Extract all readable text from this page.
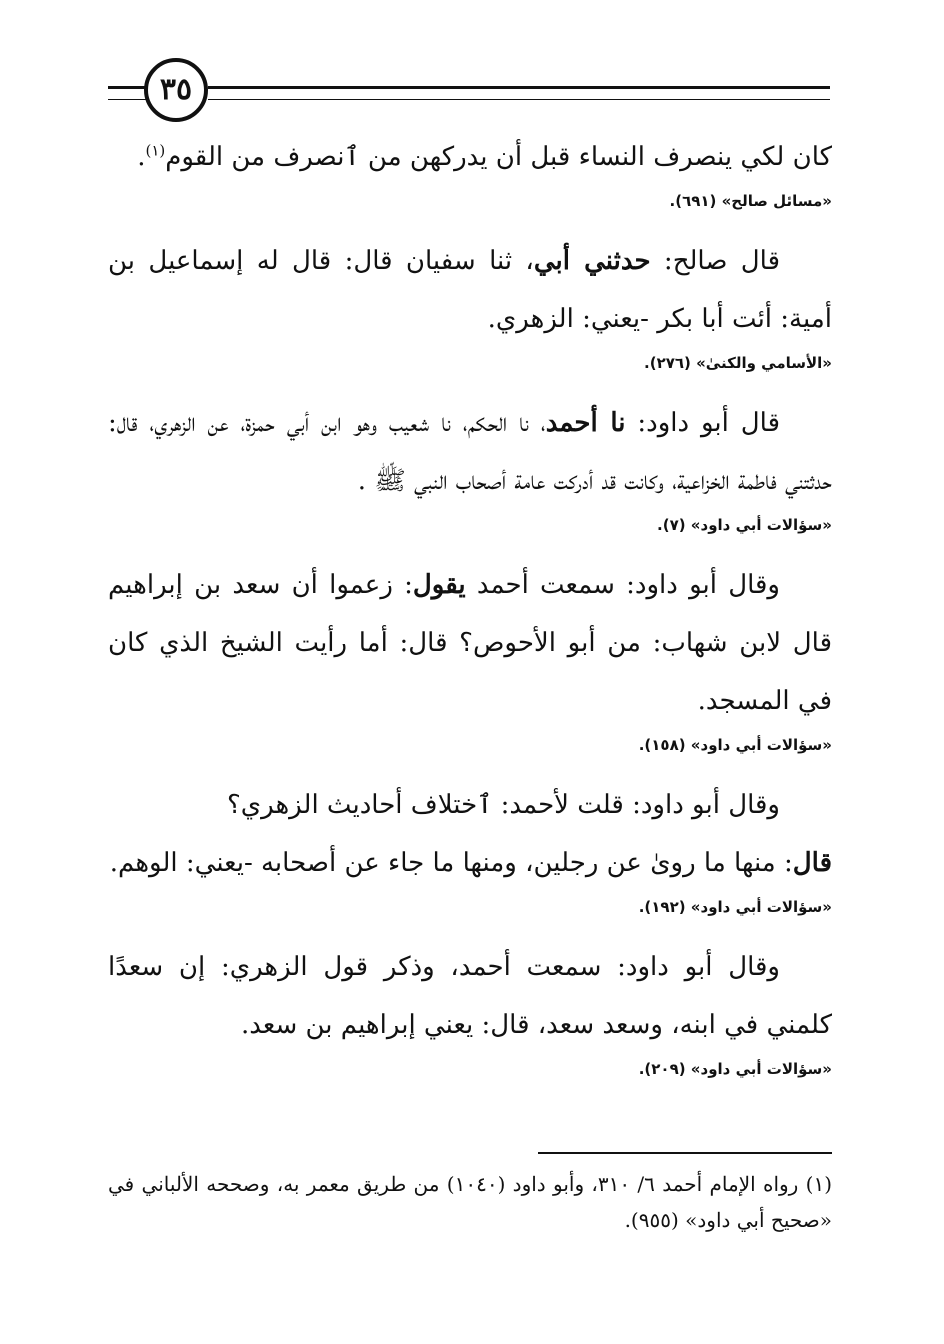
٣٥

كان لكي ينصرف النساء قبل أن يدركهن من ٱنصرف من القوم$^{(١)}$.

«مسائل صالح» (٦٩١).

قال صالح: حدثني أبي، ثنا سفيان قال: قال له إسماعيل بن أمية: أئت أبا بكر -يعني: الزهري.

«الأسامي والكنىٰ» (٢٧٦).

قال أبو داود: نا أحمد، نا الحكم، نا شعيب وهو ابن أبي حمزة، عن الزهري، قال: حدثتني فاطمة الخزاعية، وكانت قد أدركت عامة أصحاب النبي ﷺ .

«سؤالات أبي داود» (٧).

وقال أبو داود: سمعت أحمد يقول: زعموا أن سعد بن إبراهيم قال لابن شهاب: من أبو الأحوص؟ قال: أما رأيت الشيخ الذي كان في المسجد.

«سؤالات أبي داود» (١٥٨).

وقال أبو داود: قلت لأحمد: ٱختلاف أحاديث الزهري؟

قال: منها ما روىٰ عن رجلين، ومنها ما جاء عن أصحابه -يعني: الوهم.

«سؤالات أبي داود» (١٩٢).

وقال أبو داود: سمعت أحمد، وذكر قول الزهري: إن سعدًا كلمني في ابنه، وسعد سعد، قال: يعني إبراهيم بن سعد.

«سؤالات أبي داود» (٢٠٩).

(١) رواه الإمام أحمد ٦/ ٣١٠، وأبو داود (١٠٤٠) من طريق معمر به، وصححه الألباني في «صحيح أبي داود» (٩٥٥).
